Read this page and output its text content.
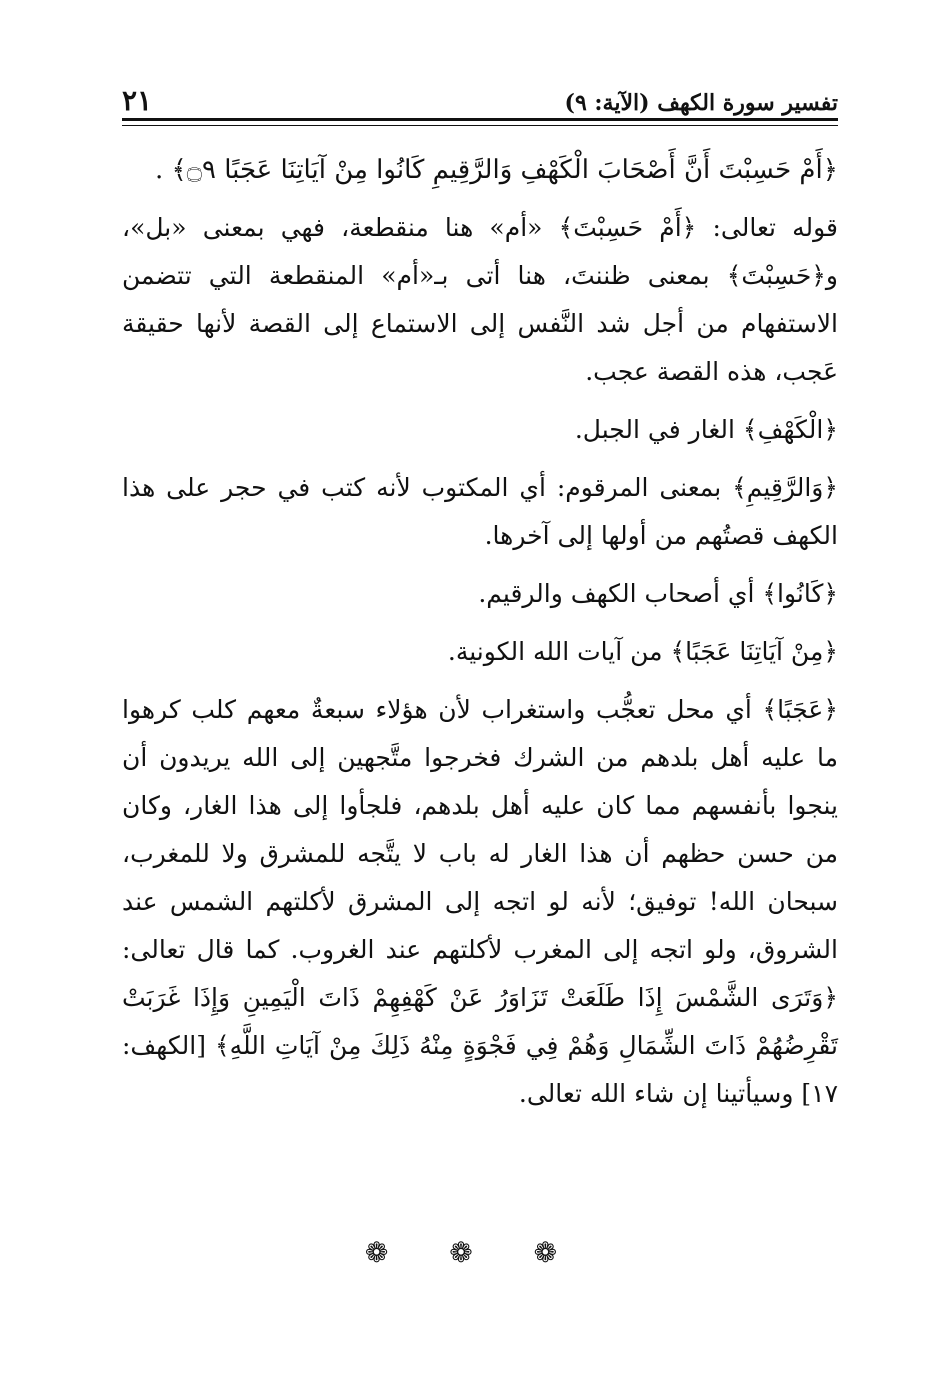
تفسير سورة الكهف (الآية: ٩)
٢١

﴿أَمْ حَسِبْتَ أَنَّ أَصْحَابَ الْكَهْفِ وَالرَّقِيمِ كَانُوا مِنْ آيَاتِنَا عَجَبًا ۝٩﴾ .

قوله تعالى: ﴿أَمْ حَسِبْتَ﴾ «أم» هنا منقطعة، فهي بمعنى «بل»، و﴿حَسِبْتَ﴾ بمعنى ظننتَ، هنا أتى بـ«أم» المنقطعة التي تتضمن الاستفهام من أجل شد النَّفس إلى الاستماع إلى القصة لأنها حقيقة عَجب، هذه القصة عجب.

﴿الْكَهْفِ﴾ الغار في الجبل.

﴿وَالرَّقِيمِ﴾ بمعنى المرقوم: أي المكتوب لأنه كتب في حجر على هذا الكهف قصتُهم من أولها إلى آخرها.

﴿كَانُوا﴾ أي أصحاب الكهف والرقيم.

﴿مِنْ آيَاتِنَا عَجَبًا﴾ من آيات الله الكونية.

﴿عَجَبًا﴾ أي محل تعجُّب واستغراب لأن هؤلاء سبعةٌ معهم كلب كرهوا ما عليه أهل بلدهم من الشرك فخرجوا متَّجهين إلى الله يريدون أن ينجوا بأنفسهم مما كان عليه أهل بلدهم، فلجأوا إلى هذا الغار، وكان من حسن حظهم أن هذا الغار له باب لا يتَّجه للمشرق ولا للمغرب، سبحان الله! توفيق؛ لأنه لو اتجه إلى المشرق لأكلتهم الشمس عند الشروق، ولو اتجه إلى المغرب لأكلتهم عند الغروب. كما قال تعالى: ﴿وَتَرَى الشَّمْسَ إِذَا طَلَعَتْ تَزَاوَرُ عَنْ كَهْفِهِمْ ذَاتَ الْيَمِينِ وَإِذَا غَرَبَتْ تَقْرِضُهُمْ ذَاتَ الشِّمَالِ وَهُمْ فِي فَجْوَةٍ مِنْهُ ذَلِكَ مِنْ آيَاتِ اللَّهِ﴾ [الكهف: ١٧] وسيأتينا إن شاء الله تعالى.

❁ ❁ ❁
